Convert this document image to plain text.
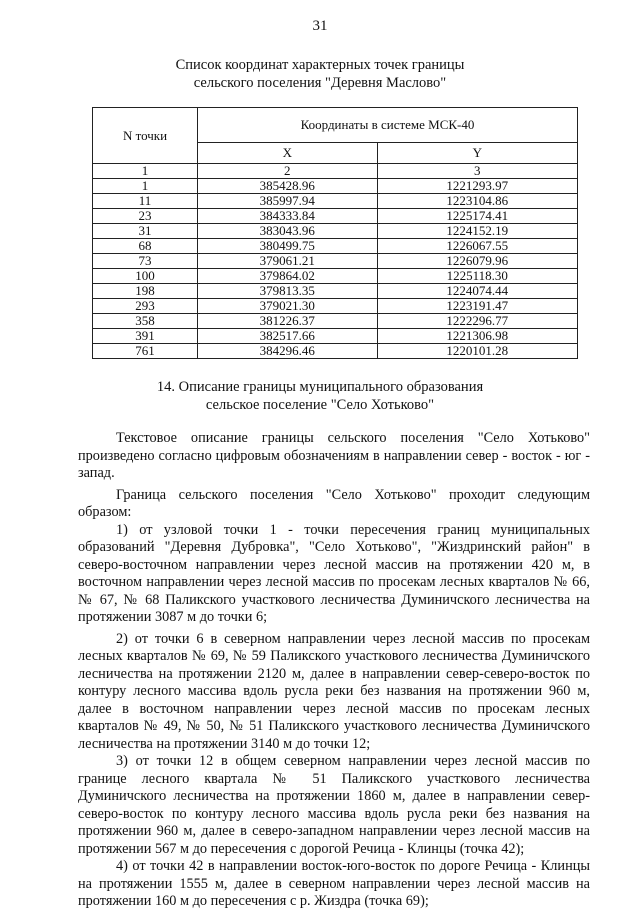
31
Список координат характерных точек границы
сельского поселения "Деревня Маслово"
N точки	Координаты в системе МСК-40	
	X	Y
1	2	3
1	385428.96	1221293.97
11	385997.94	1223104.86
23	384333.84	1225174.41
31	383043.96	1224152.19
68	380499.75	1226067.55
73	379061.21	1226079.96
100	379864.02	1225118.30
198	379813.35	1224074.44
293	379021.30	1223191.47
358	381226.37	1222296.77
391	382517.66	1221306.98
761	384296.46	1220101.28
14. Описание границы муниципального образования
сельское поселение "Село Хотьково"

Текстовое описание границы сельского поселения "Село Хотьково" произведено согласно цифровым обозначениям в направлении север - восток - юг - запад.

Граница сельского поселения "Село Хотьково" проходит следующим образом:

1) от узловой точки 1 - точки пересечения границ муниципальных образований "Деревня Дубровка", "Село Хотьково", "Жиздринский район" в северо-восточном направлении через лесной массив на протяжении 420 м, в восточном направлении через лесной массив по просекам лесных кварталов № 66, № 67, № 68 Паликского участкового лесничества Думиничского лесничества на протяжении 3087 м до точки 6;

2) от точки 6 в северном направлении через лесной массив по просекам лесных кварталов № 69, № 59 Паликского участкового лесничества Думиничского лесничества на протяжении 2120 м, далее в направлении север-северо-восток по контуру лесного массива вдоль русла реки без названия на протяжении 960 м, далее в восточном направлении через лесной массив по просекам лесных кварталов № 49, № 50, № 51 Паликского участкового лесничества Думиничского лесничества на протяжении 3140 м до точки 12;

3) от точки 12 в общем северном направлении через лесной массив по границе лесного квартала № 51 Паликского участкового лесничества Думиничского лесничества на протяжении 1860 м, далее в направлении север-северо-восток по контуру лесного массива вдоль русла реки без названия на протяжении 960 м, далее в северо-западном направлении через лесной массив на протяжении 567 м до пересечения с дорогой Речица - Клинцы (точка 42);

4) от точки 42 в направлении восток-юго-восток по дороге Речица - Клинцы на протяжении 1555 м, далее в северном направлении через лесной массив на протяжении 160 м до пересечения с р. Жиздра (точка 69);
